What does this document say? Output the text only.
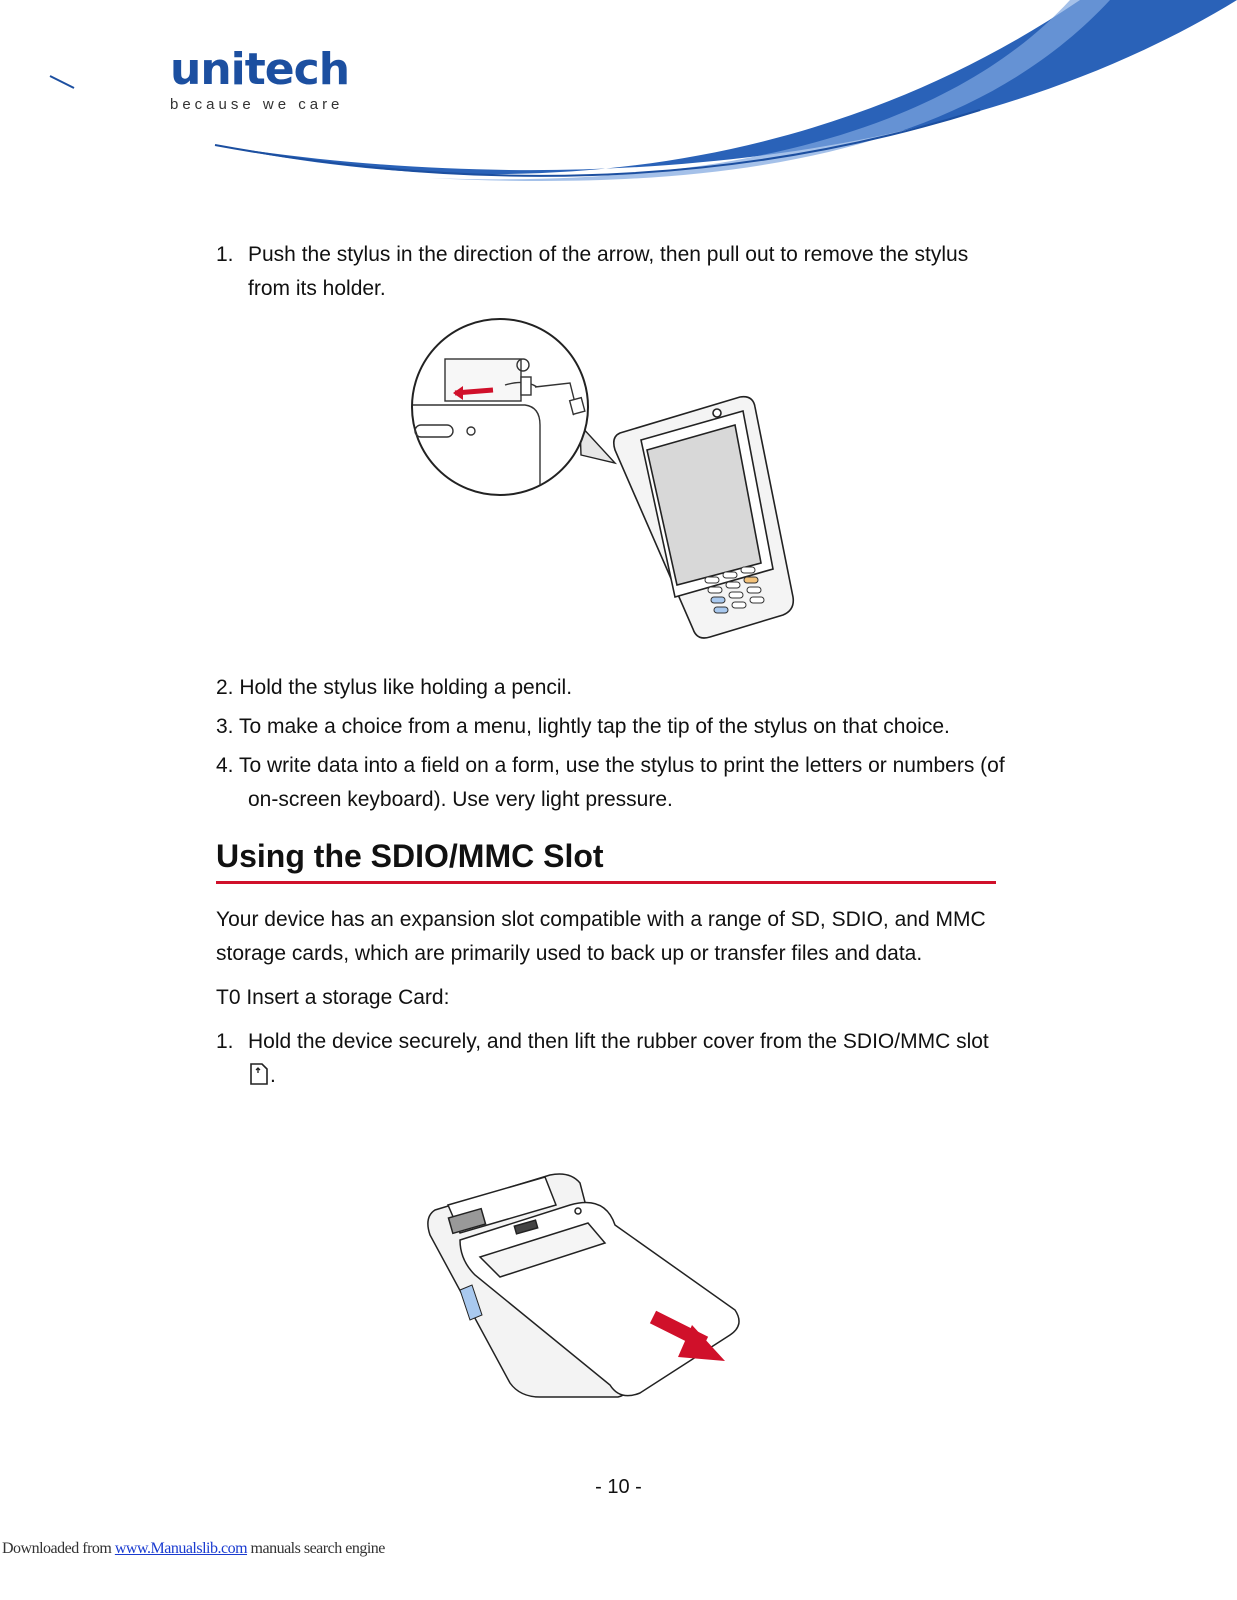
unitech
because we care
1. Push the stylus in the direction of the arrow, then pull out to remove the stylus from its holder.

2. Hold the stylus like holding a pencil.

3. To make a choice from a menu, lightly tap the tip of the stylus on that choice.

4. To write data into a field on a form, use the stylus to print the letters or numbers (of on-screen keyboard). Use very light pressure.

Using the SDIO/MMC Slot

Your device has an expansion slot compatible with a range of SD, SDIO, and MMC storage cards, which are primarily used to back up or transfer files and data.

T0 Insert a storage Card:

1. Hold the device securely, and then lift the rubber cover from the SDIO/MMC slot .
- 10 -
Downloaded from www.Manualslib.com manuals search engine
